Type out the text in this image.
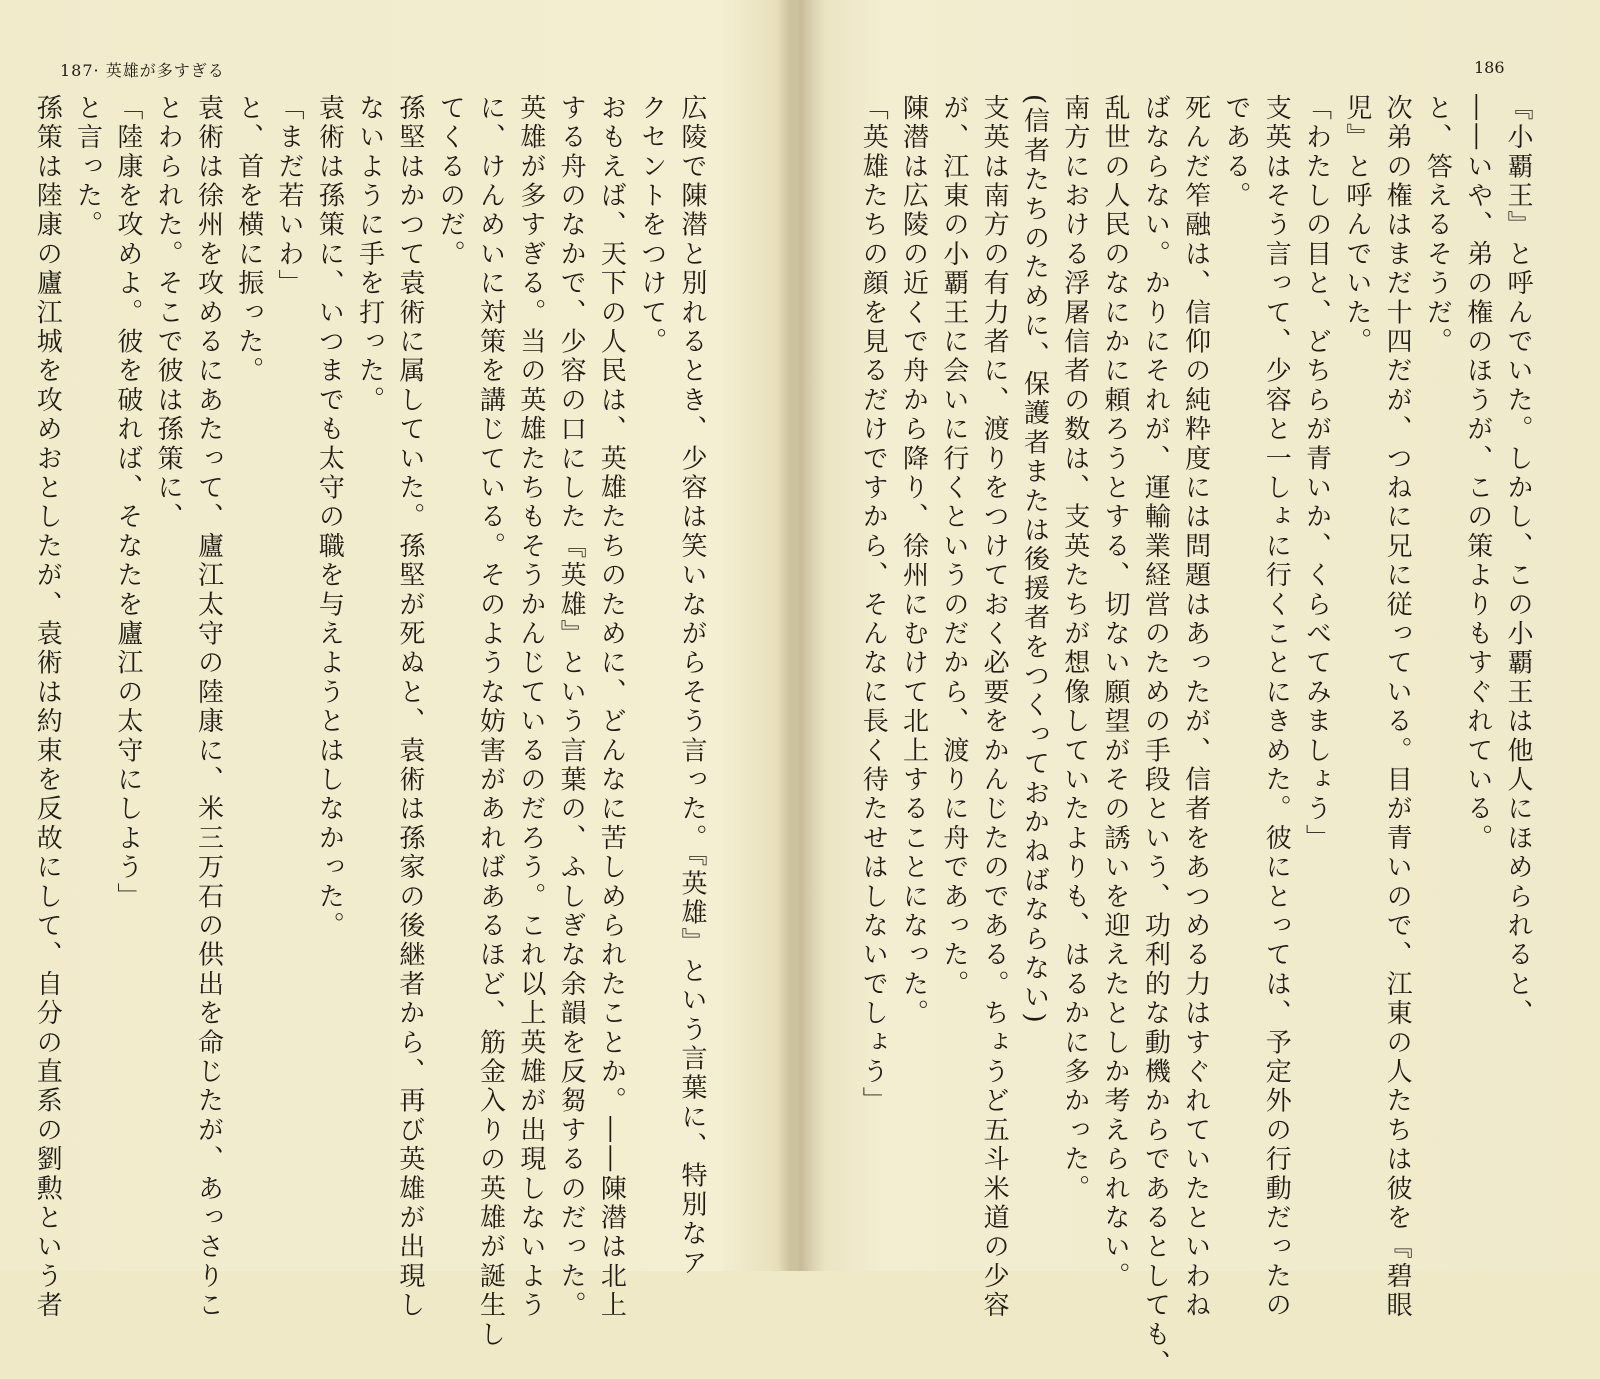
187· 英雄が多すぎる
広陵で陳潜と別れるとき、少容は笑いながらそう言った。『英雄』という言葉に、特別なア
クセントをつけて。
おもえば、天下の人民は、英雄たちのために、どんなに苦しめられたことか。――陳潜は北上
する舟のなかで、少容の口にした『英雄』という言葉の、ふしぎな余韻を反芻するのだった。
英雄が多すぎる。当の英雄たちもそうかんじているのだろう。これ以上英雄が出現しないよう
に、けんめいに対策を講じている。そのような妨害があればあるほど、筋金入りの英雄が誕生し
てくるのだ。
孫堅はかつて袁術に属していた。孫堅が死ぬと、袁術は孫家の後継者から、再び英雄が出現し
ないように手を打った。
袁術は孫策に、いつまでも太守の職を与えようとはしなかった。
「まだ若いわ」
と、首を横に振った。
袁術は徐州を攻めるにあたって、廬江太守の陸康に、米三万石の供出を命じたが、あっさりこ
とわられた。そこで彼は孫策に、
「陸康を攻めよ。彼を破れば、そなたを廬江の太守にしよう」
と言った。
孫策は陸康の廬江城を攻めおとしたが、袁術は約束を反故にして、自分の直系の劉勲という者
186
『小覇王』と呼んでいた。しかし、この小覇王は他人にほめられると、
――いや、弟の権のほうが、この策よりもすぐれている。
と、答えるそうだ。
次弟の権はまだ十四だが、つねに兄に従っている。目が青いので、江東の人たちは彼を『碧眼
児』と呼んでいた。
「わたしの目と、どちらが青いか、くらべてみましょう」
支英はそう言って、少容と一しょに行くことにきめた。彼にとっては、予定外の行動だったの
である。
死んだ笮融は、信仰の純粋度には問題はあったが、信者をあつめる力はすぐれていたといわね
ばならない。かりにそれが、運輸業経営のための手段という、功利的な動機からであるとしても、
乱世の人民のなにかに頼ろうとする、切ない願望がその誘いを迎えたとしか考えられない。
南方における浮屠信者の数は、支英たちが想像していたよりも、はるかに多かった。
(信者たちのために、保護者または後援者をつくっておかねばならない)
支英は南方の有力者に、渡りをつけておく必要をかんじたのである。ちょうど五斗米道の少容
が、江東の小覇王に会いに行くというのだから、渡りに舟であった。
陳潜は広陵の近くで舟から降り、徐州にむけて北上することになった。
「英雄たちの顔を見るだけですから、そんなに長く待たせはしないでしょう」
